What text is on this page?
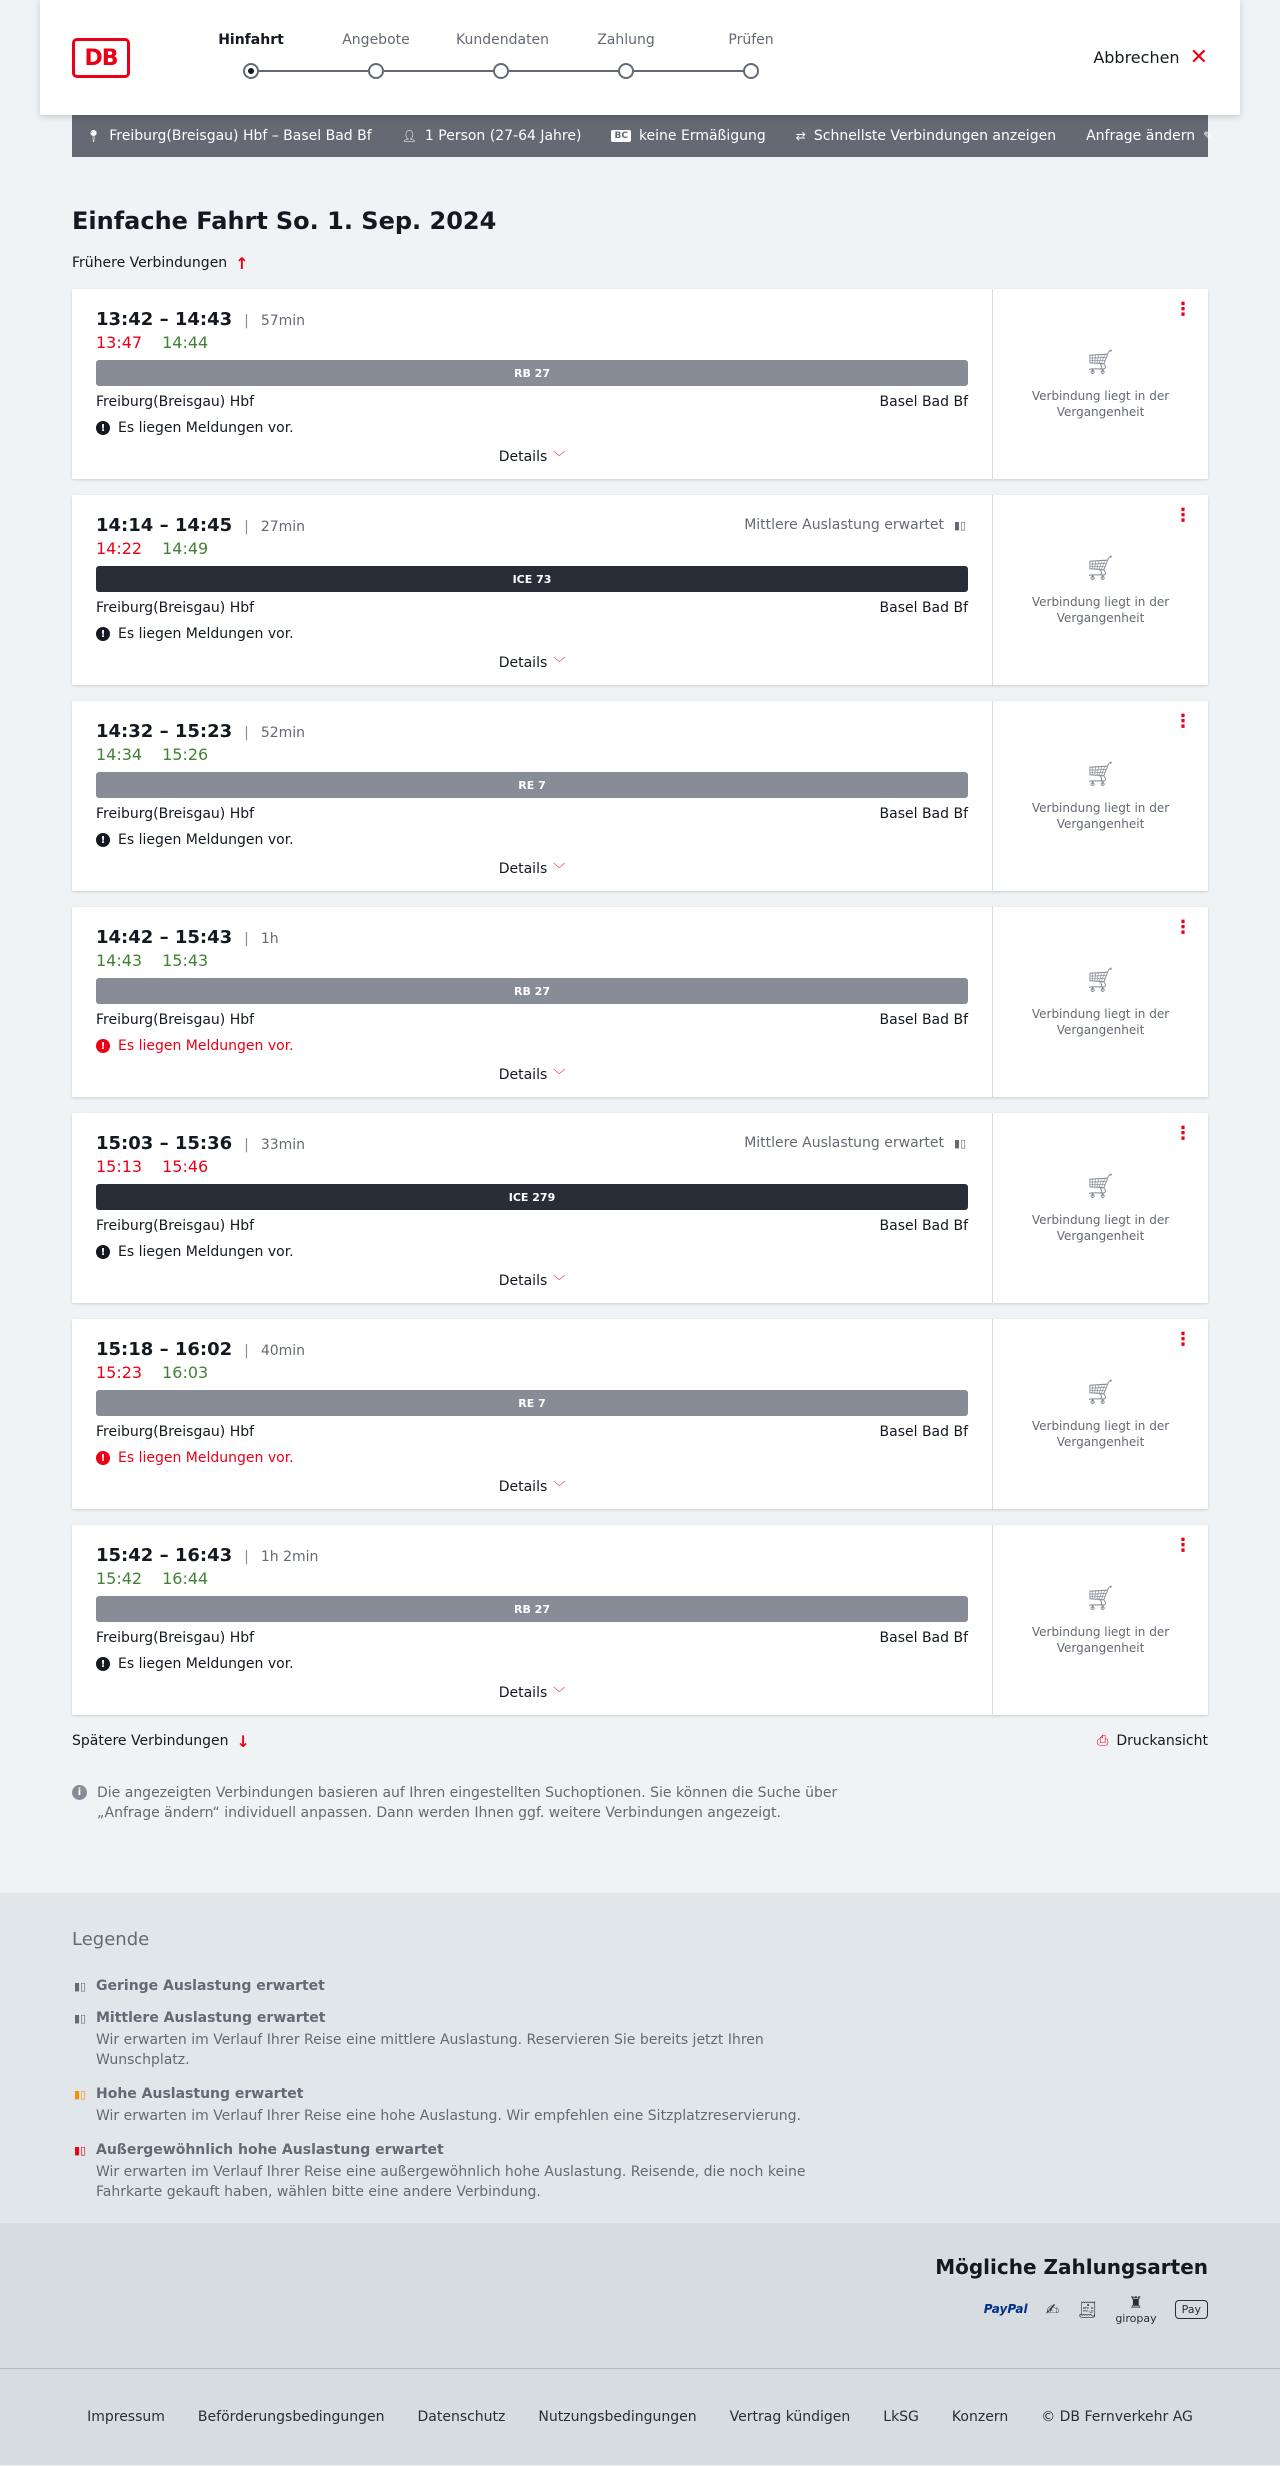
DB
Hinfahrt	Angebote	Kundendaten	Zahlung	Prüfen
Abbrechen ✕
📍︎ Freiburg(Breisgau) Hbf – Basel Bad Bf	👤︎ 1 Person (27-64 Jahre)	BC keine Ermäßigung	⇄ Schnellste Verbindungen anzeigen Anfrage ändern ✎
Einfache Fahrt So. 1. Sep. 2024
Frühere Verbindungen ↑
13:42 – 14:43 | 57min
13:47 14:44
RB 27
Freiburg(Breisgau) Hbf	Basel Bad Bf
! Es liegen Meldungen vor.
Details ﹀
⋮
🛒︎
Verbindung liegt in der Vergangenheit
14:14 – 14:45 | 27min	Mittlere Auslastung erwartet ▮▯
14:22 14:49
ICE 73
Freiburg(Breisgau) Hbf	Basel Bad Bf
! Es liegen Meldungen vor.
Details ﹀
⋮
🛒︎
Verbindung liegt in der Vergangenheit
14:32 – 15:23 | 52min
14:34 15:26
RE 7
Freiburg(Breisgau) Hbf	Basel Bad Bf
! Es liegen Meldungen vor.
Details ﹀
⋮
🛒︎
Verbindung liegt in der Vergangenheit
14:42 – 15:43 | 1h
14:43 15:43
RB 27
Freiburg(Breisgau) Hbf	Basel Bad Bf
! Es liegen Meldungen vor.
Details ﹀
⋮
🛒︎
Verbindung liegt in der Vergangenheit
15:03 – 15:36 | 33min	Mittlere Auslastung erwartet ▮▯
15:13 15:46
ICE 279
Freiburg(Breisgau) Hbf	Basel Bad Bf
! Es liegen Meldungen vor.
Details ﹀
⋮
🛒︎
Verbindung liegt in der Vergangenheit
15:18 – 16:02 | 40min
15:23 16:03
RE 7
Freiburg(Breisgau) Hbf	Basel Bad Bf
! Es liegen Meldungen vor.
Details ﹀
⋮
🛒︎
Verbindung liegt in der Vergangenheit
15:42 – 16:43 | 1h 2min
15:42 16:44
RB 27
Freiburg(Breisgau) Hbf	Basel Bad Bf
! Es liegen Meldungen vor.
Details ﹀
⋮
🛒︎
Verbindung liegt in der Vergangenheit
Spätere Verbindungen ↓	⎙ Druckansicht
i	Die angezeigten Verbindungen basieren auf Ihren eingestellten Suchoptionen. Sie können die Suche über „Anfrage ändern“ individuell anpassen. Dann werden Ihnen ggf. weitere Verbindungen angezeigt.
Legende
▮▯ Geringe Auslastung erwartet
▮▯ Mittlere Auslastung erwartet
Wir erwarten im Verlauf Ihrer Reise eine mittlere Auslastung. Reservieren Sie bereits jetzt Ihren Wunschplatz.
▮▯ Hohe Auslastung erwartet
Wir erwarten im Verlauf Ihrer Reise eine hohe Auslastung. Wir empfehlen eine Sitzplatzreservierung.
▮▯ Außergewöhnlich hohe Auslastung erwartet
Wir erwarten im Verlauf Ihrer Reise eine außergewöhnlich hohe Auslastung. Reisende, die noch keine Fahrkarte gekauft haben, wählen bitte eine andere Verbindung.
Mögliche Zahlungsarten
PayPal ✍︎ 🧾︎ ♜
giropay
Pay
Impressum Beförderungsbedingungen Datenschutz Nutzungsbedingungen Vertrag kündigen LkSG Konzern © DB Fernverkehr AG
